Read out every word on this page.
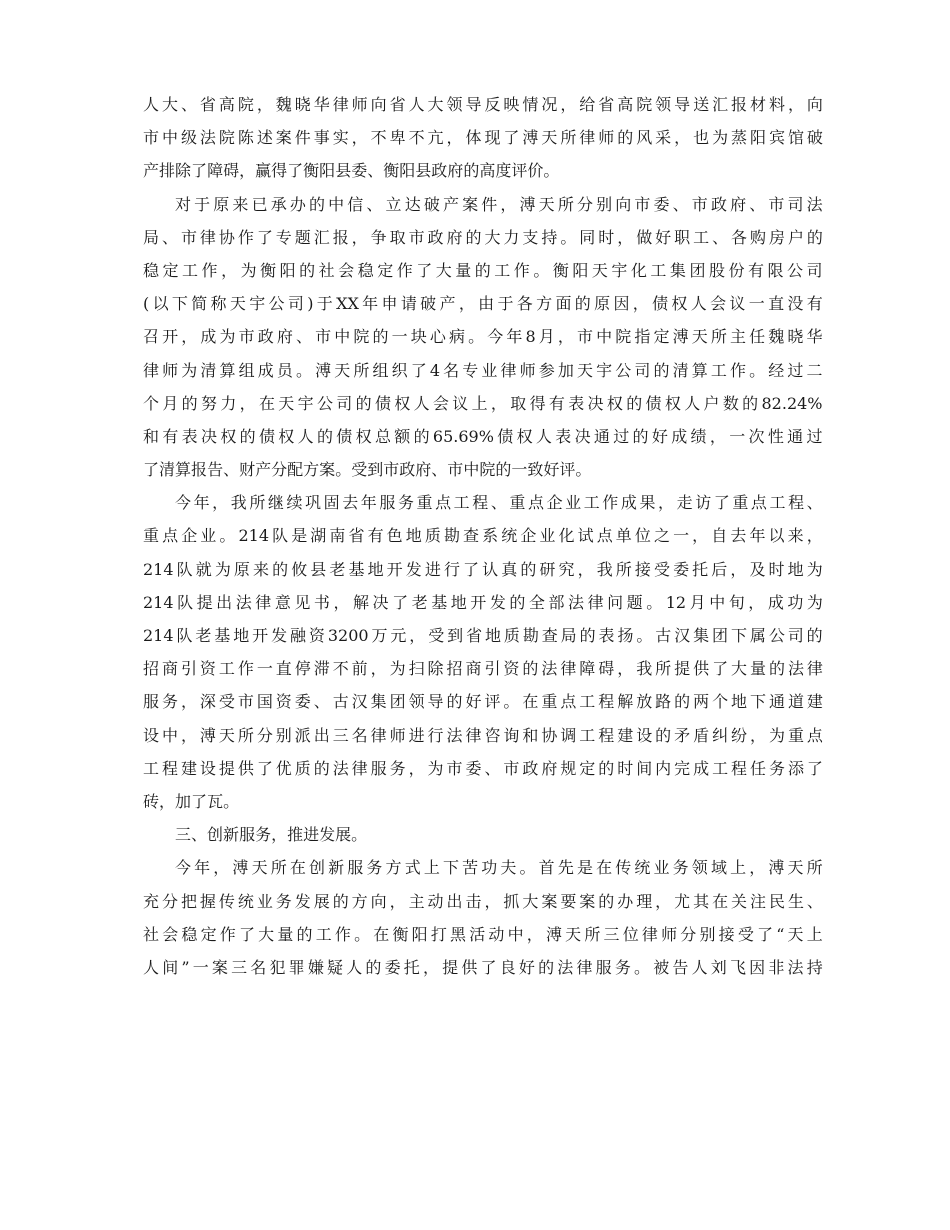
人 大 、 省 高 院 ， 魏 晓 华 律 师 向 省 人 大 领 导 反 映 情 况 ， 给 省 高 院 领 导 送 汇 报 材 料 ， 向
市 中 级 法 院 陈 述 案 件 事 实 ， 不 卑 不 亢 ， 体 现 了 溥 天 所 律 师 的 风 采 ， 也 为 蒸 阳 宾 馆 破
产 排 除 了 障 碍 ， 赢 得 了 衡 阳 县 委 、 衡 阳 县 政 府 的 高 度 评 价 。
对 于 原 来 已 承 办 的 中 信 、 立 达 破 产 案 件 ， 溥 天 所 分 别 向 市 委 、 市 政 府 、 市 司 法
局 、 市 律 协 作 了 专 题 汇 报 ， 争 取 市 政 府 的 大 力 支 持 。 同 时 ， 做 好 职 工 、 各 购 房 户 的
稳 定 工 作 ， 为 衡 阳 的 社 会 稳 定 作 了 大 量 的 工 作 。 衡 阳 天 宇 化 工 集 团 股 份 有 限 公 司
( 以 下 简 称 天 宇 公 司 ) 于 XX 年 申 请 破 产 ， 由 于 各 方 面 的 原 因 ， 债 权 人 会 议 一 直 没 有
召 开 ， 成 为 市 政 府 、 市 中 院 的 一 块 心 病 。 今 年 8 月 ， 市 中 院 指 定 溥 天 所 主 任 魏 晓 华
律 师 为 清 算 组 成 员 。 溥 天 所 组 织 了 4 名 专 业 律 师 参 加 天 宇 公 司 的 清 算 工 作 。 经 过 二
个 月 的 努 力 ， 在 天 宇 公 司 的 债 权 人 会 议 上 ， 取 得 有 表 决 权 的 债 权 人 户 数 的 82.24%
和 有 表 决 权 的 债 权 人 的 债 权 总 额 的 65.69% 债 权 人 表 决 通 过 的 好 成 绩 ， 一 次 性 通 过
了 清 算 报 告 、 财 产 分 配 方 案 。 受 到 市 政 府 、 市 中 院 的 一 致 好 评 。
今 年 ， 我 所 继 续 巩 固 去 年 服 务 重 点 工 程 、 重 点 企 业 工 作 成 果 ， 走 访 了 重 点 工 程 、
重 点 企 业 。 214 队 是 湖 南 省 有 色 地 质 勘 查 系 统 企 业 化 试 点 单 位 之 一 ， 自 去 年 以 来 ，
214 队 就 为 原 来 的 攸 县 老 基 地 开 发 进 行 了 认 真 的 研 究 ， 我 所 接 受 委 托 后 ， 及 时 地 为
214 队 提 出 法 律 意 见 书 ， 解 决 了 老 基 地 开 发 的 全 部 法 律 问 题 。 12 月 中 旬 ， 成 功 为
214 队 老 基 地 开 发 融 资 3200 万 元 ， 受 到 省 地 质 勘 查 局 的 表 扬 。 古 汉 集 团 下 属 公 司 的
招 商 引 资 工 作 一 直 停 滞 不 前 ， 为 扫 除 招 商 引 资 的 法 律 障 碍 ， 我 所 提 供 了 大 量 的 法 律
服 务 ， 深 受 市 国 资 委 、 古 汉 集 团 领 导 的 好 评 。 在 重 点 工 程 解 放 路 的 两 个 地 下 通 道 建
设 中 ， 溥 天 所 分 别 派 出 三 名 律 师 进 行 法 律 咨 询 和 协 调 工 程 建 设 的 矛 盾 纠 纷 ， 为 重 点
工 程 建 设 提 供 了 优 质 的 法 律 服 务 ， 为 市 委 、 市 政 府 规 定 的 时 间 内 完 成 工 程 任 务 添 了
砖 ， 加 了 瓦 。
三 、 创 新 服 务 ， 推 进 发 展 。
今 年 ， 溥 天 所 在 创 新 服 务 方 式 上 下 苦 功 夫 。 首 先 是 在 传 统 业 务 领 域 上 ， 溥 天 所
充 分 把 握 传 统 业 务 发 展 的 方 向 ， 主 动 出 击 ， 抓 大 案 要 案 的 办 理 ， 尤 其 在 关 注 民 生 、
社 会 稳 定 作 了 大 量 的 工 作 。 在 衡 阳 打 黑 活 动 中 ， 溥 天 所 三 位 律 师 分 别 接 受 了 “ 天 上
人 间 ” 一 案 三 名 犯 罪 嫌 疑 人 的 委 托 ， 提 供 了 良 好 的 法 律 服 务 。 被 告 人 刘 飞 因 非 法 持
